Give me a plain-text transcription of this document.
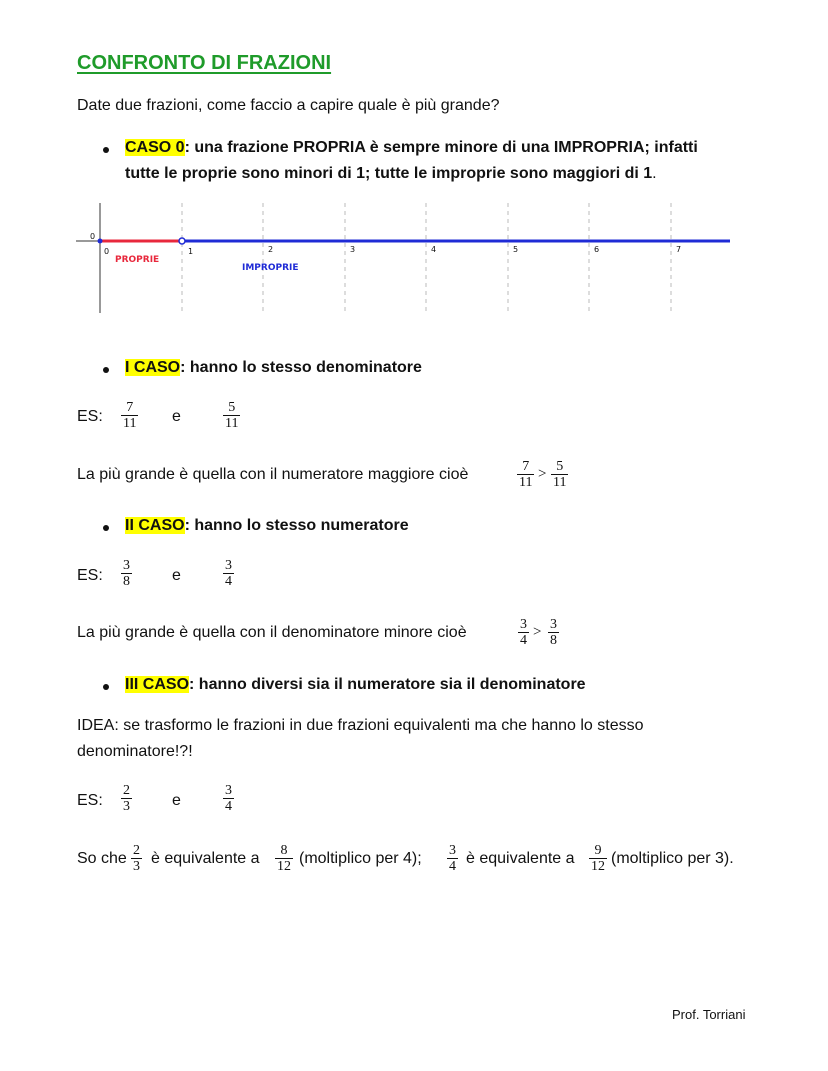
CONFRONTO DI FRAZIONI
Date due frazioni, come faccio a capire quale è più grande?
CASO 0: una frazione PROPRIA è sempre minore di una IMPROPRIA; infatti
tutte le proprie sono minori di 1; tutte le improprie sono maggiori di 1.
0
0	1	2	3	4	5	6	7
PROPRIE
IMPROPRIE
I CASO: hanno lo stesso denominatore
ES:
7
11 e
5
11
La più grande è quella con il numeratore maggiore cioè	7
11
> 5
11
II CASO: hanno lo stesso numeratore
ES:
3
8	e
3
4
La più grande è quella con il denominatore minore cioè	3
4
> 3
8
III CASO: hanno diversi sia il numeratore sia il denominatore
IDEA: se trasformo le frazioni in due frazioni equivalenti ma che hanno lo stesso
denominatore!?!
ES:
2
3	e
3
4
So che 2
3 è equivalente a 8
12 (moltiplico per 4); 3
4 è equivalente a 9
12 (moltiplico per 3).
Prof. Torriani
